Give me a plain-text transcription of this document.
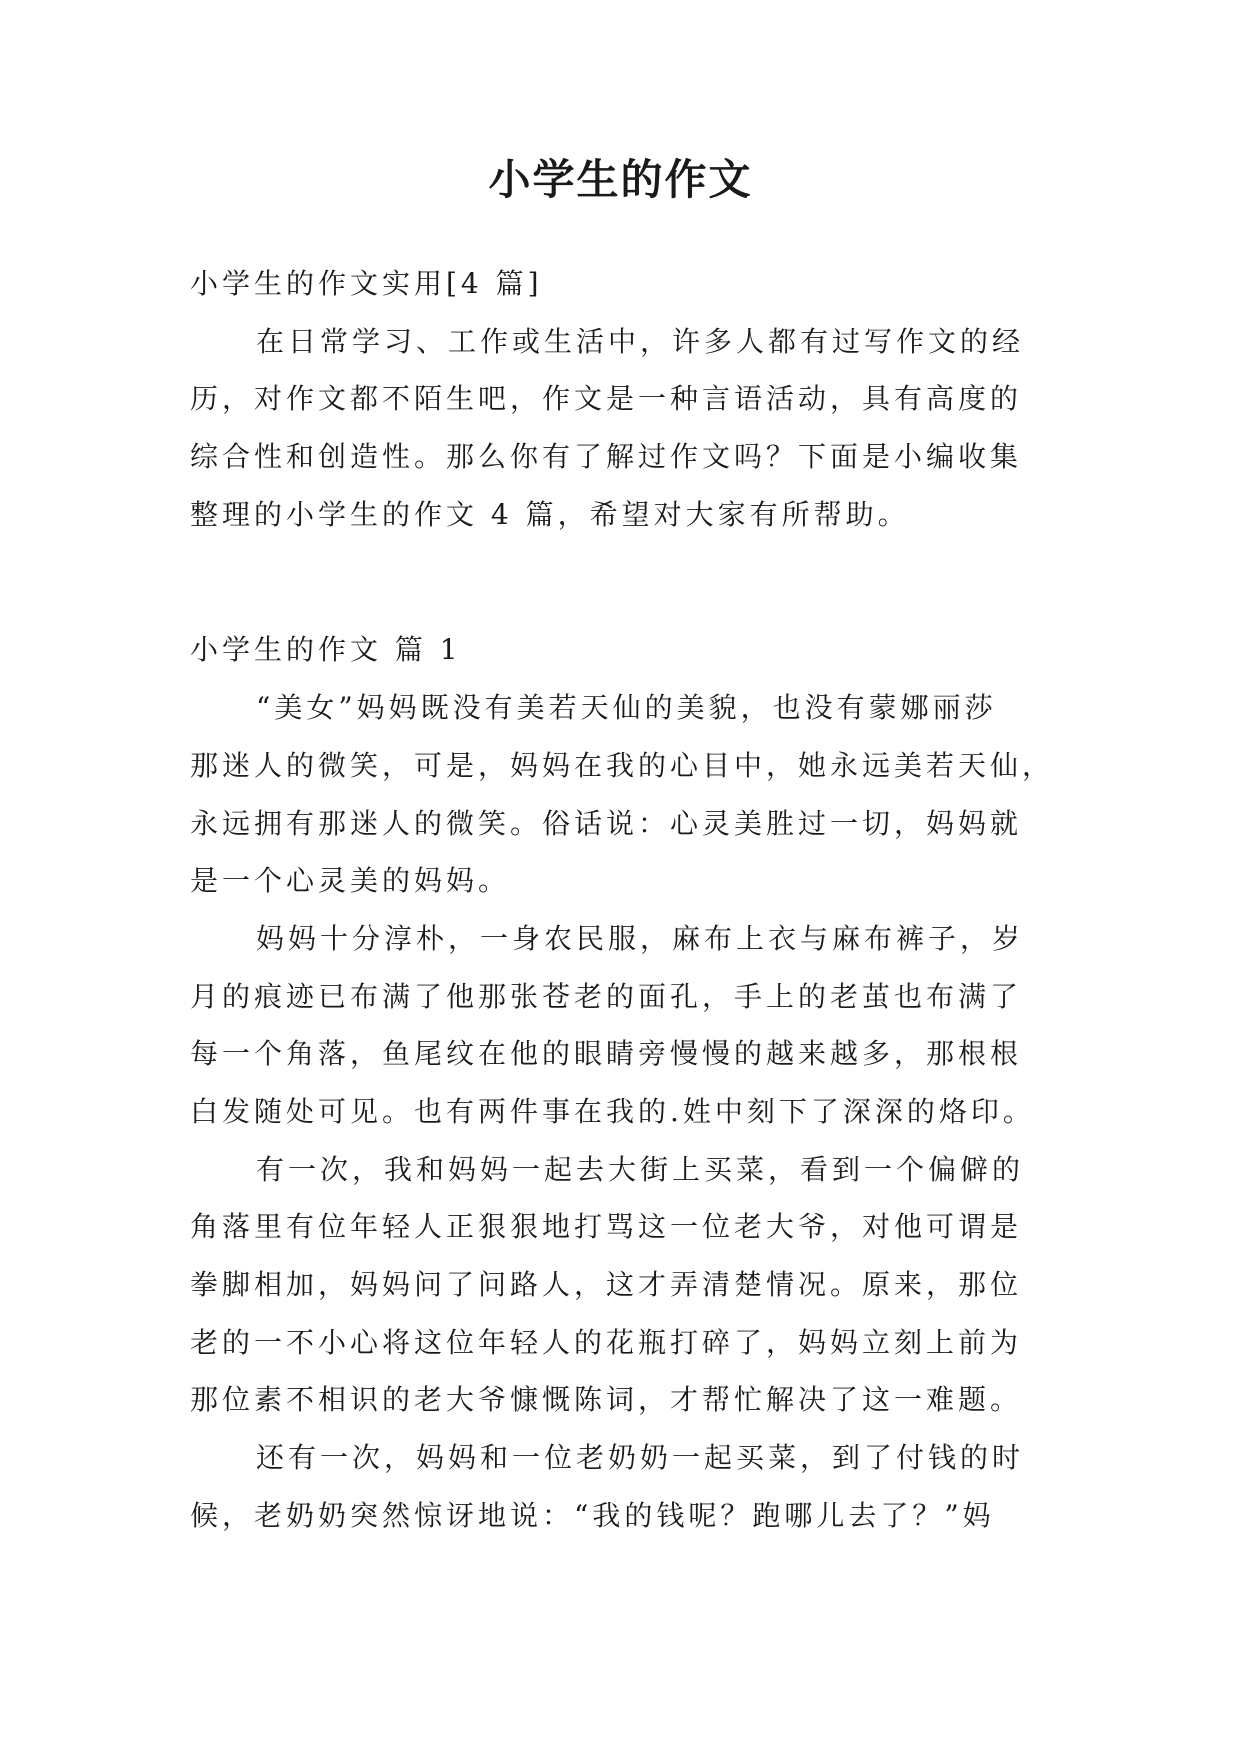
小学生的作文
小学生的作文实用[4 篇]
在日常学习、工作或生活中，许多人都有过写作文的经
历，对作文都不陌生吧，作文是一种言语活动，具有高度的
综合性和创造性。那么你有了解过作文吗？下面是小编收集
整理的小学生的作文 4 篇，希望对大家有所帮助。
小学生的作文 篇 1
“美女”妈妈既没有美若天仙的美貌，也没有蒙娜丽莎
那迷人的微笑，可是，妈妈在我的心目中，她永远美若天仙，
永远拥有那迷人的微笑。俗话说：心灵美胜过一切，妈妈就
是一个心灵美的妈妈。
妈妈十分淳朴，一身农民服，麻布上衣与麻布裤子，岁
月的痕迹已布满了他那张苍老的面孔，手上的老茧也布满了
每一个角落，鱼尾纹在他的眼睛旁慢慢的越来越多，那根根
白发随处可见。也有两件事在我的.姓中刻下了深深的烙印。
有一次，我和妈妈一起去大街上买菜，看到一个偏僻的
角落里有位年轻人正狠狠地打骂这一位老大爷，对他可谓是
拳脚相加，妈妈问了问路人，这才弄清楚情况。原来，那位
老的一不小心将这位年轻人的花瓶打碎了，妈妈立刻上前为
那位素不相识的老大爷慷慨陈词，才帮忙解决了这一难题。
还有一次，妈妈和一位老奶奶一起买菜，到了付钱的时
候，老奶奶突然惊讶地说：“我的钱呢？跑哪儿去了？”妈
